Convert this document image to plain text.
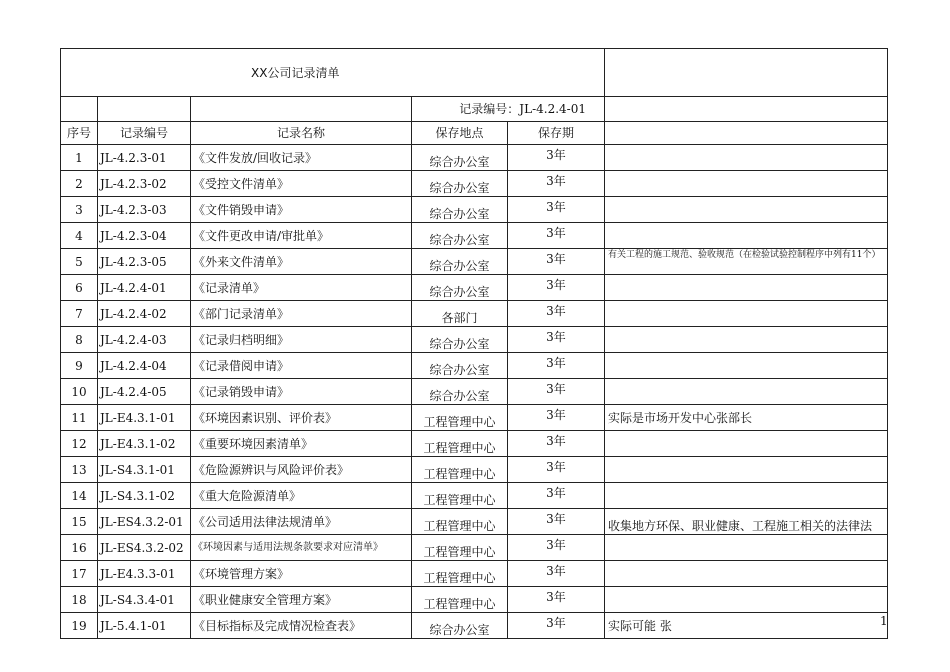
XX公司记录清单					
			记录编号：JL-4.2.4-01		
序号	记录编号	记录名称	保存地点	保存期	
1	JL-4.2.3-01	《文件发放/回收记录》	综合办公室	3年	
2	JL-4.2.3-02	《受控文件清单》	综合办公室	3年	
3	JL-4.2.3-03	《文件销毁申请》	综合办公室	3年	
4	JL-4.2.3-04	《文件更改申请/审批单》	综合办公室	3年	
5	JL-4.2.3-05	《外来文件清单》	综合办公室	3年	有关工程的施工规范、验收规范（在检验试验控制程序中列有11个）
6	JL-4.2.4-01	《记录清单》	综合办公室	3年	
7	JL-4.2.4-02	《部门记录清单》	各部门	3年	
8	JL-4.2.4-03	《记录归档明细》	综合办公室	3年	
9	JL-4.2.4-04	《记录借阅申请》	综合办公室	3年	
10	JL-4.2.4-05	《记录销毁申请》	综合办公室	3年	
11	JL-E4.3.1-01	《环境因素识别、评价表》	工程管理中心	3年	实际是市场开发中心张部长
12	JL-E4.3.1-02	《重要环境因素清单》	工程管理中心	3年	
13	JL-S4.3.1-01	《危险源辨识与风险评价表》	工程管理中心	3年	
14	JL-S4.3.1-02	《重大危险源清单》	工程管理中心	3年	
15	JL-ES4.3.2-01	《公司适用法律法规清单》	工程管理中心	3年	收集地方环保、职业健康、工程施工相关的法律法
16	JL-ES4.3.2-02	《环境因素与适用法规条款要求对应清单》	工程管理中心	3年	
17	JL-E4.3.3-01	《环境管理方案》	工程管理中心	3年	
18	JL-S4.3.4-01	《职业健康安全管理方案》	工程管理中心	3年	
19	JL-5.4.1-01	《目标指标及完成情况检查表》	综合办公室	3年	实际可能 张	1
